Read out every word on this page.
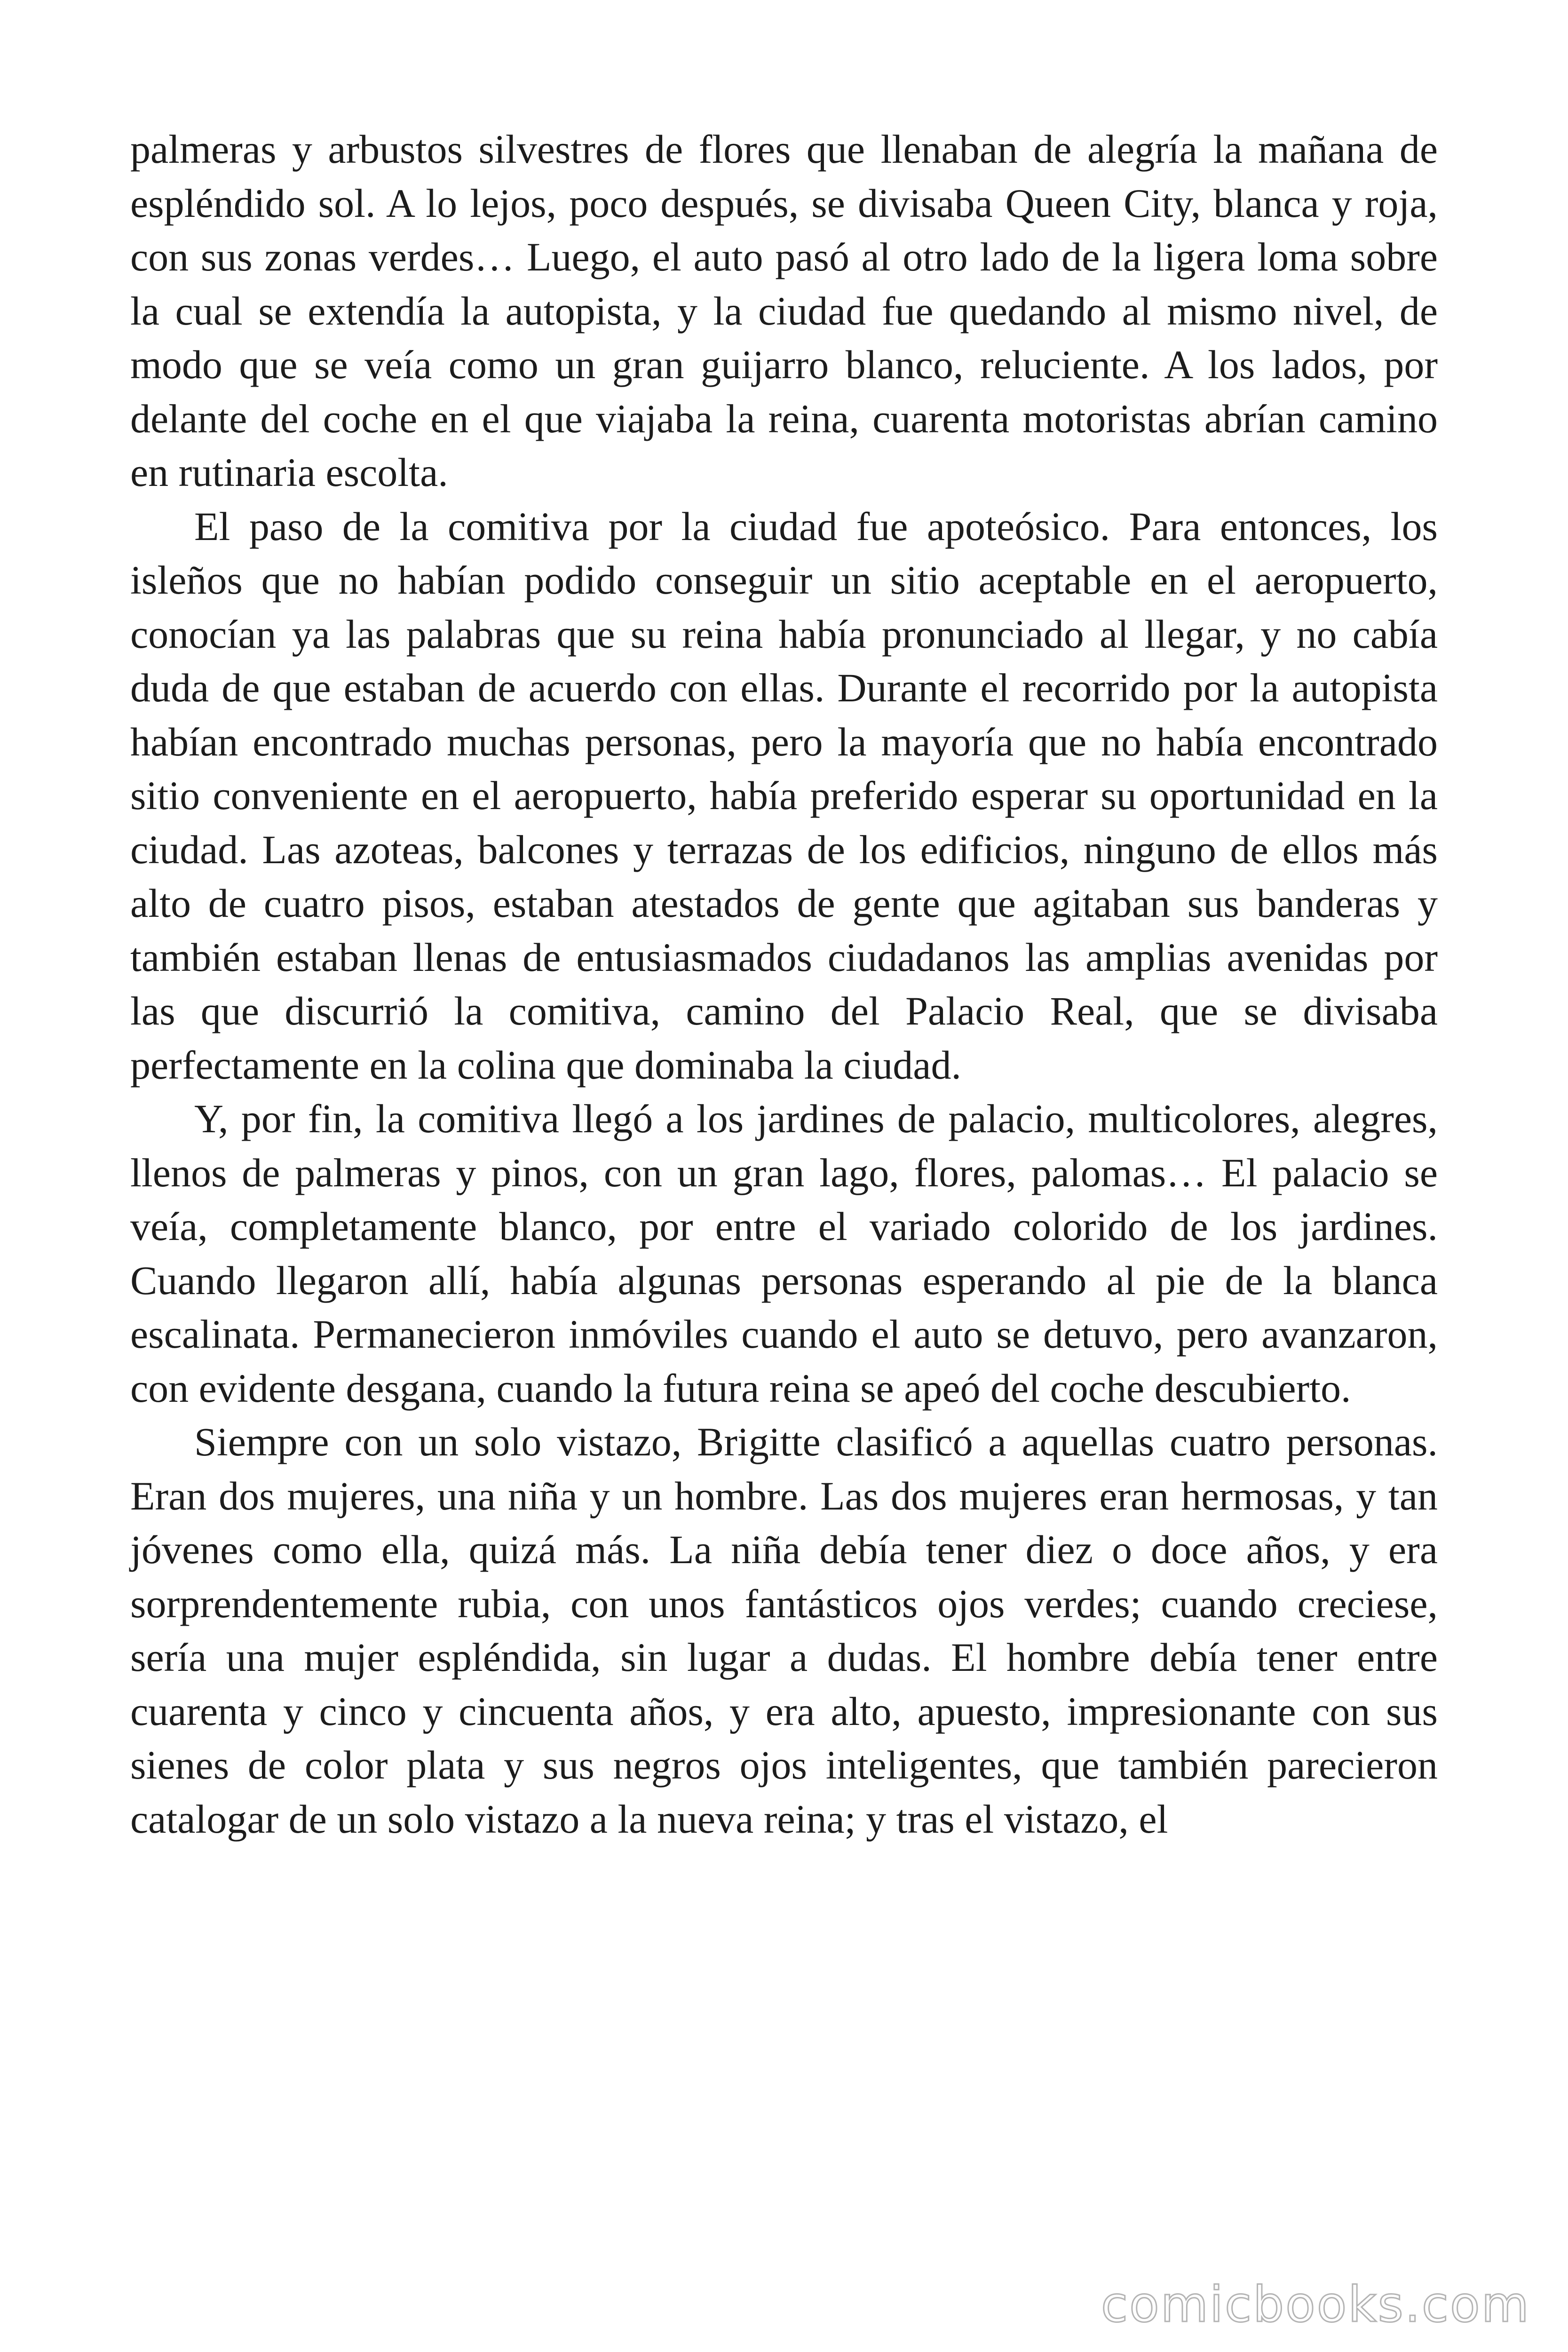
palmeras y arbustos silvestres de flores que llenaban de alegría la mañana de espléndido sol. A lo lejos, poco después, se divisaba Queen City, blanca y roja, con sus zonas verdes… Luego, el auto pasó al otro lado de la ligera loma sobre la cual se extendía la autopista, y la ciudad fue quedando al mismo nivel, de modo que se veía como un gran guijarro blanco, reluciente. A los lados, por delante del coche en el que viajaba la reina, cuarenta motoristas abrían camino en rutinaria escolta.

El paso de la comitiva por la ciudad fue apoteósico. Para entonces, los isleños que no habían podido conseguir un sitio aceptable en el aeropuerto, conocían ya las palabras que su reina había pronunciado al llegar, y no cabía duda de que estaban de acuerdo con ellas. Durante el recorrido por la autopista habían encontrado muchas personas, pero la mayoría que no había encontrado sitio conveniente en el aeropuerto, había preferido esperar su oportunidad en la ciudad. Las azoteas, balcones y terrazas de los edificios, ninguno de ellos más alto de cuatro pisos, estaban atestados de gente que agitaban sus banderas y también estaban llenas de entusiasmados ciudadanos las amplias avenidas por las que discurrió la comitiva, camino del Palacio Real, que se divisaba perfectamente en la colina que dominaba la ciudad.

Y, por fin, la comitiva llegó a los jardines de palacio, multicolores, alegres, llenos de palmeras y pinos, con un gran lago, flores, palomas… El palacio se veía, completamente blanco, por entre el variado colorido de los jardines. Cuando llegaron allí, había algunas personas esperando al pie de la blanca escalinata. Permanecieron inmóviles cuando el auto se detuvo, pero avanzaron, con evidente desgana, cuando la futura reina se apeó del coche descubierto.

Siempre con un solo vistazo, Brigitte clasificó a aquellas cuatro personas. Eran dos mujeres, una niña y un hombre. Las dos mujeres eran hermosas, y tan jóvenes como ella, quizá más. La niña debía tener diez o doce años, y era sorprendentemente rubia, con unos fantásticos ojos verdes; cuando creciese, sería una mujer espléndida, sin lugar a dudas. El hombre debía tener entre cuarenta y cinco y cincuenta años, y era alto, apuesto, impresionante con sus sienes de color plata y sus negros ojos inteligentes, que también parecieron catalogar de un solo vistazo a la nueva reina; y tras el vistazo, el

comicbooks.com
